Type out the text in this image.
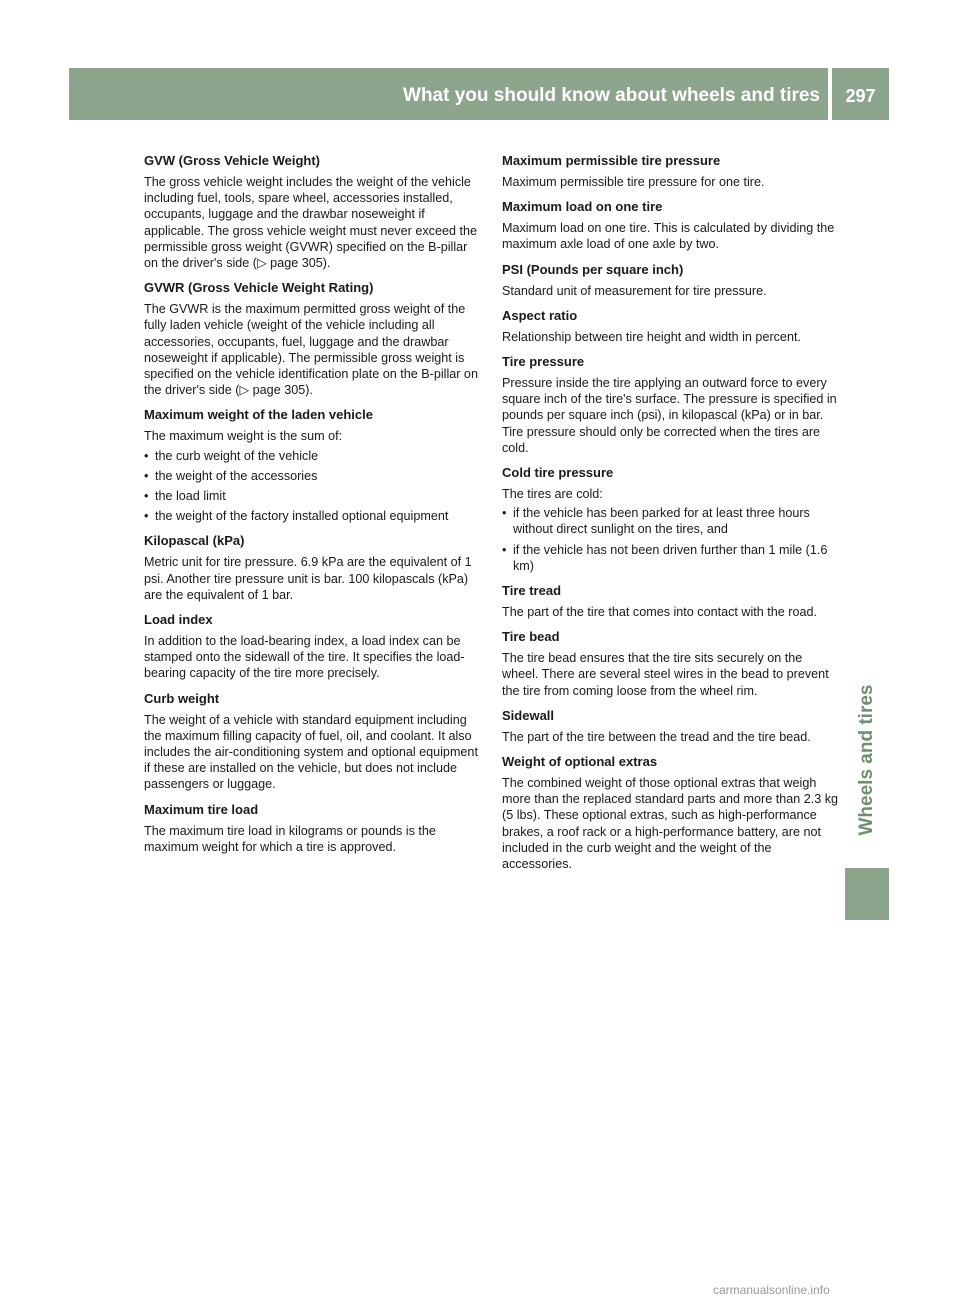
What you should know about wheels and tires	297
Wheels and tires
GVW (Gross Vehicle Weight)

The gross vehicle weight includes the weight of the vehicle including fuel, tools, spare wheel, accessories installed, occupants, luggage and the drawbar noseweight if applicable. The gross vehicle weight must never exceed the permissible gross weight (GVWR) specified on the B-pillar on the driver's side (▷ page 305).

GVWR (Gross Vehicle Weight Rating)

The GVWR is the maximum permitted gross weight of the fully laden vehicle (weight of the vehicle including all accessories, occupants, fuel, luggage and the drawbar noseweight if applicable). The permissible gross weight is specified on the vehicle identification plate on the B-pillar on the driver's side (▷ page 305).

Maximum weight of the laden vehicle

The maximum weight is the sum of:

• the curb weight of the vehicle
• the weight of the accessories
• the load limit
• the weight of the factory installed optional equipment
Kilopascal (kPa)

Metric unit for tire pressure. 6.9 kPa are the equivalent of 1 psi. Another tire pressure unit is bar. 100 kilopascals (kPa) are the equivalent of 1 bar.

Load index

In addition to the load-bearing index, a load index can be stamped onto the sidewall of the tire. It specifies the load-bearing capacity of the tire more precisely.

Curb weight

The weight of a vehicle with standard equipment including the maximum filling capacity of fuel, oil, and coolant. It also includes the air-conditioning system and optional equipment if these are installed on the vehicle, but does not include passengers or luggage.

Maximum tire load

The maximum tire load in kilograms or pounds is the maximum weight for which a tire is approved.

Maximum permissible tire pressure

Maximum permissible tire pressure for one tire.

Maximum load on one tire

Maximum load on one tire. This is calculated by dividing the maximum axle load of one axle by two.

PSI (Pounds per square inch)

Standard unit of measurement for tire pressure.

Aspect ratio

Relationship between tire height and width in percent.

Tire pressure

Pressure inside the tire applying an outward force to every square inch of the tire's surface. The pressure is specified in pounds per square inch (psi), in kilopascal (kPa) or in bar. Tire pressure should only be corrected when the tires are cold.

Cold tire pressure

The tires are cold:

• if the vehicle has been parked for at least three hours without direct sunlight on the tires, and
• if the vehicle has not been driven further than 1 mile (1.6 km)
Tire tread

The part of the tire that comes into contact with the road.

Tire bead

The tire bead ensures that the tire sits securely on the wheel. There are several steel wires in the bead to prevent the tire from coming loose from the wheel rim.

Sidewall

The part of the tire between the tread and the tire bead.

Weight of optional extras

The combined weight of those optional extras that weigh more than the replaced standard parts and more than 2.3 kg (5 lbs). These optional extras, such as high-performance brakes, a roof rack or a high-performance battery, are not included in the curb weight and the weight of the accessories.

carmanualsonline.info
